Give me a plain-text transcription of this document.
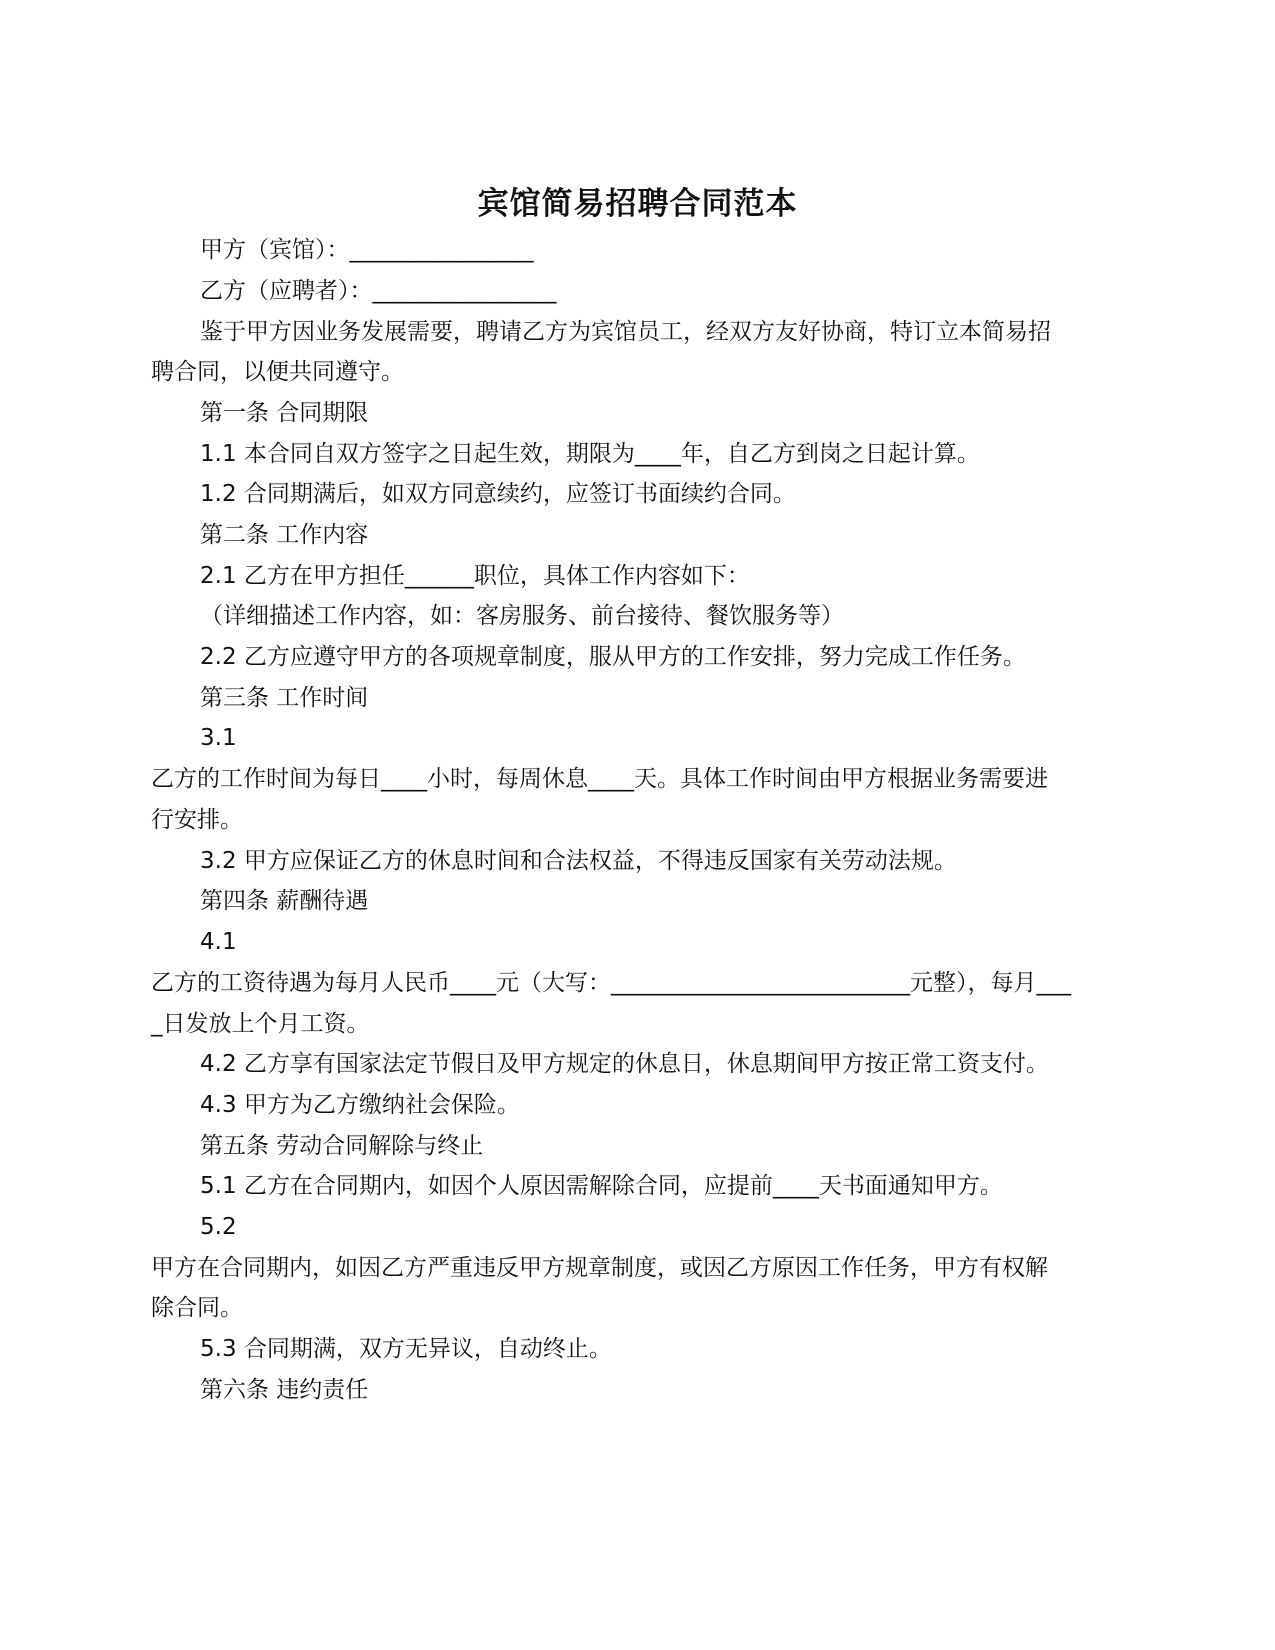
宾馆简易招聘合同范本
甲方（宾馆）：________________
乙方（应聘者）：________________
鉴于甲方因业务发展需要，聘请乙方为宾馆员工，经双方友好协商，特订立本简易招
聘合同，以便共同遵守。
第一条 合同期限
1.1 本合同自双方签字之日起生效，期限为____年，自乙方到岗之日起计算。
1.2 合同期满后，如双方同意续约，应签订书面续约合同。
第二条 工作内容
2.1 乙方在甲方担任______职位，具体工作内容如下：
（详细描述工作内容，如：客房服务、前台接待、餐饮服务等）
2.2 乙方应遵守甲方的各项规章制度，服从甲方的工作安排，努力完成工作任务。
第三条 工作时间
3.1
乙方的工作时间为每日____小时，每周休息____天。具体工作时间由甲方根据业务需要进
行安排。
3.2 甲方应保证乙方的休息时间和合法权益，不得违反国家有关劳动法规。
第四条 薪酬待遇
4.1
乙方的工资待遇为每月人民币____元（大写：__________________________元整），每月___
_日发放上个月工资。
4.2 乙方享有国家法定节假日及甲方规定的休息日，休息期间甲方按正常工资支付。
4.3 甲方为乙方缴纳社会保险。
第五条 劳动合同解除与终止
5.1 乙方在合同期内，如因个人原因需解除合同，应提前____天书面通知甲方。
5.2
甲方在合同期内，如因乙方严重违反甲方规章制度，或因乙方原因工作任务，甲方有权解
除合同。
5.3 合同期满，双方无异议，自动终止。
第六条 违约责任
